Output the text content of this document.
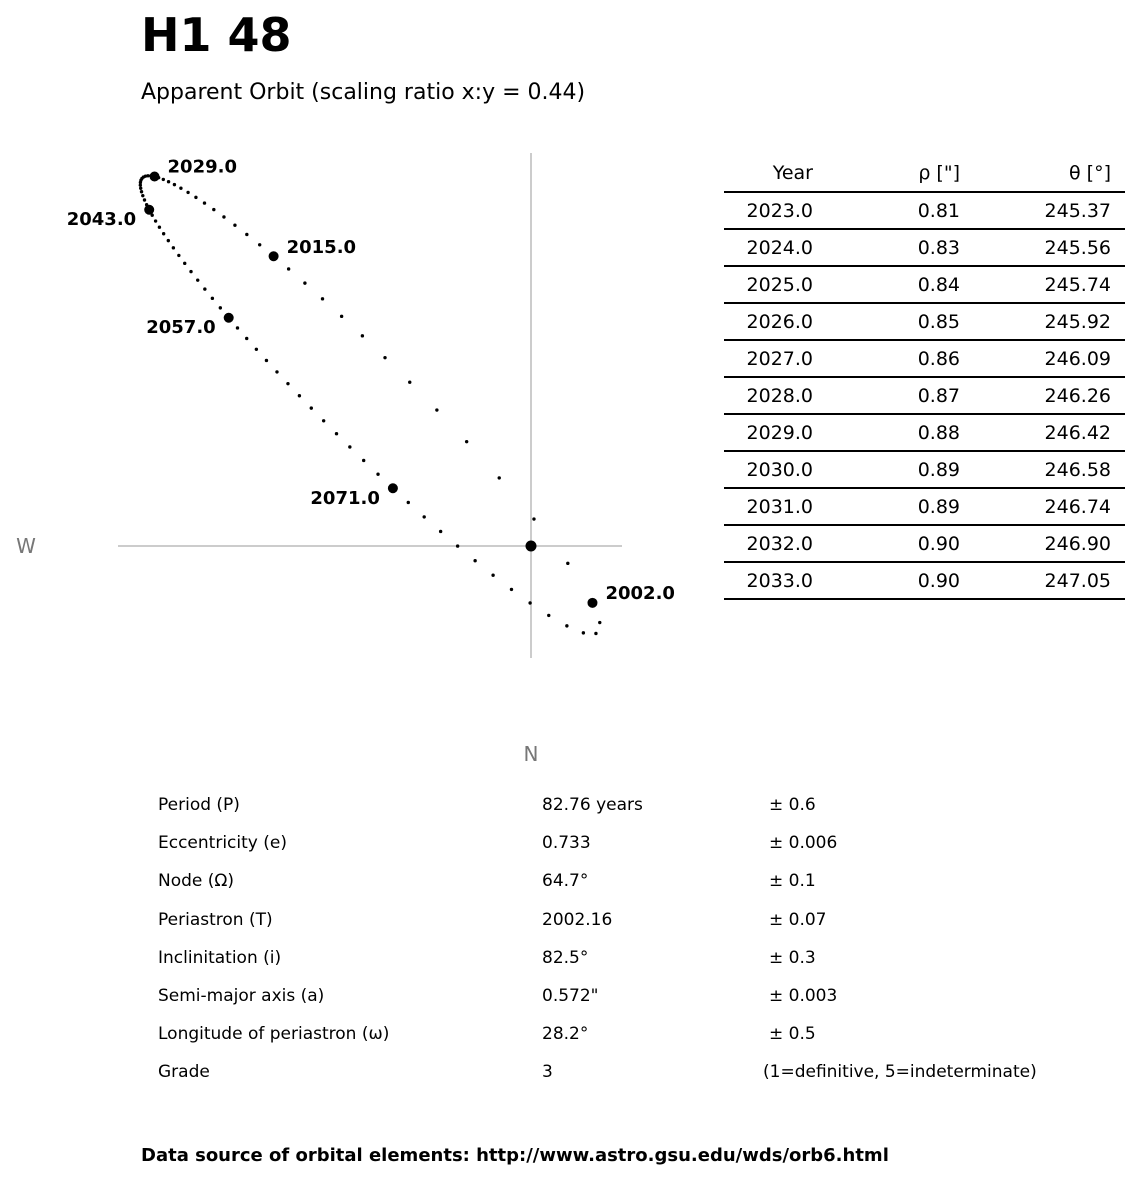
H1 48
Apparent Orbit (scaling ratio x:y = 0.44)
W
N
2002.0
2015.0
2029.0
2043.0
2057.0
2071.0
Year	ρ ["]	θ [°]	
2023.0	0.81	245.37	
2024.0	0.83	245.56	
2025.0	0.84	245.74	
2026.0	0.85	245.92	
2027.0	0.86	246.09	
2028.0	0.87	246.26	
2029.0	0.88	246.42	
2030.0	0.89	246.58	
2031.0	0.89	246.74	
2032.0	0.90	246.90	
2033.0	0.90	247.05	
Period (P)	82.76 years	± 0.6
Eccentricity (e)	0.733	± 0.006
Node (Ω)	64.7°	± 0.1
Periastron (T)	2002.16	± 0.07
Inclinitation (i)	82.5°	± 0.3
Semi-major axis (a)	0.572"	± 0.003
Longitude of periastron (ω)	28.2°	± 0.5
Grade	3	(1=definitive, 5=indeterminate)
Data source of orbital elements: http://www.astro.gsu.edu/wds/orb6.html
